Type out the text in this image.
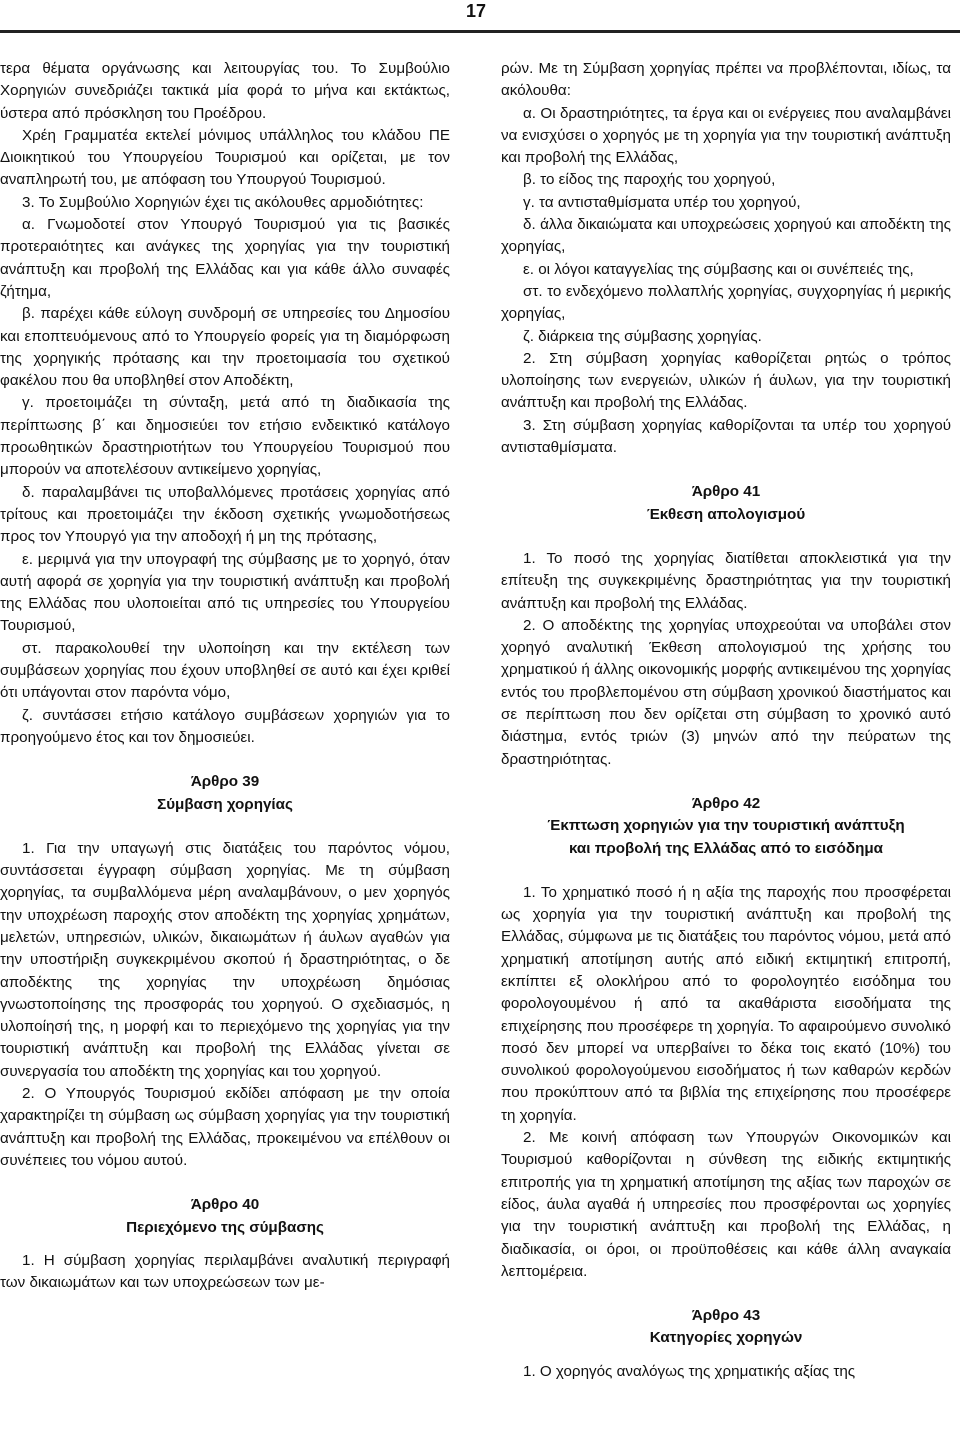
17

τερα θέματα οργάνωσης και λειτουργίας του. Το Συμβούλιο Χορηγιών συνεδριάζει τακτικά μία φορά το μήνα και εκτάκτως, ύστερα από πρόσκληση του Προέδρου.

Χρέη Γραμματέα εκτελεί μόνιμος υπάλληλος του κλάδου ΠΕ Διοικητικού του Υπουργείου Τουρισμού και ορίζεται, με τον αναπληρωτή του, με απόφαση του Υπουργού Τουρισμού.

3. Το Συμβούλιο Χορηγιών έχει τις ακόλουθες αρμοδιότητες:

α. Γνωμοδοτεί στον Υπουργό Τουρισμού για τις βασικές προτεραιότητες και ανάγκες της χορηγίας για την τουριστική ανάπτυξη και προβολή της Ελλάδας και για κάθε άλλο συναφές ζήτημα,

β. παρέχει κάθε εύλογη συνδρομή σε υπηρεσίες του Δημοσίου και εποπτευόμενους από το Υπουργείο φορείς για τη διαμόρφωση της χορηγικής πρότασης και την προετοιμασία του σχετικού φακέλου που θα υποβληθεί στον Αποδέκτη,

γ. προετοιμάζει τη σύνταξη, μετά από τη διαδικασία της περίπτωσης β΄ και δημοσιεύει τον ετήσιο ενδεικτικό κατάλογο προωθητικών δραστηριοτήτων του Υπουργείου Τουρισμού που μπορούν να αποτελέσουν αντικείμενο χορηγίας,

δ. παραλαμβάνει τις υποβαλλόμενες προτάσεις χορηγίας από τρίτους και προετοιμάζει την έκδοση σχετικής γνωμοδοτήσεως προς τον Υπουργό για την αποδοχή ή μη της πρότασης,

ε. μεριμνά για την υπογραφή της σύμβασης με το χορηγό, όταν αυτή αφορά σε χορηγία για την τουριστική ανάπτυξη και προβολή της Ελλάδας που υλοποιείται από τις υπηρεσίες του Υπουργείου Τουρισμού,

στ. παρακολουθεί την υλοποίηση και την εκτέλεση των συμβάσεων χορηγίας που έχουν υποβληθεί σε αυτό και έχει κριθεί ότι υπάγονται στον παρόντα νόμο,

ζ. συντάσσει ετήσιο κατάλογο συμβάσεων χορηγιών για το προηγούμενο έτος και τον δημοσιεύει.

Άρθρο 39
Σύμβαση χορηγίας

1. Για την υπαγωγή στις διατάξεις του παρόντος νόμου, συντάσσεται έγγραφη σύμβαση χορηγίας. Με τη σύμβαση χορηγίας, τα συμβαλλόμενα μέρη αναλαμβάνουν, ο μεν χορηγός την υποχρέωση παροχής στον αποδέκτη της χορηγίας χρημάτων, μελετών, υπηρεσιών, υλικών, δικαιωμάτων ή άυλων αγαθών για την υποστήριξη συγκεκριμένου σκοπού ή δραστηριότητας, ο δε αποδέκτης της χορηγίας την υποχρέωση δημόσιας γνωστοποίησης της προσφοράς του χορηγού. Ο σχεδιασμός, η υλοποίησή της, η μορφή και το περιεχόμενο της χορηγίας για την τουριστική ανάπτυξη και προβολή της Ελλάδας γίνεται σε συνεργασία του αποδέκτη της χορηγίας και του χορηγού.

2. Ο Υπουργός Τουρισμού εκδίδει απόφαση με την οποία χαρακτηρίζει τη σύμβαση ως σύμβαση χορηγίας για την τουριστική ανάπτυξη και προβολή της Ελλάδας, προκειμένου να επέλθουν οι συνέπειες του νόμου αυτού.

Άρθρο 40
Περιεχόμενο της σύμβασης

1. Η σύμβαση χορηγίας περιλαμβάνει αναλυτική περιγραφή των δικαιωμάτων και των υποχρεώσεων των με-

ρών. Με τη Σύμβαση χορηγίας πρέπει να προβλέπονται, ιδίως, τα ακόλουθα:

α. Οι δραστηριότητες, τα έργα και οι ενέργειες που αναλαμβάνει να ενισχύσει ο χορηγός με τη χορηγία για την τουριστική ανάπτυξη και προβολή της Ελλάδας,

β. το είδος της παροχής του χορηγού,

γ. τα αντισταθμίσματα υπέρ του χορηγού,

δ. άλλα δικαιώματα και υποχρεώσεις χορηγού και αποδέκτη της χορηγίας,

ε. οι λόγοι καταγγελίας της σύμβασης και οι συνέπειές της,

στ. το ενδεχόμενο πολλαπλής χορηγίας, συγχορηγίας ή μερικής χορηγίας,

ζ. διάρκεια της σύμβασης χορηγίας.

2. Στη σύμβαση χορηγίας καθορίζεται ρητώς ο τρόπος υλοποίησης των ενεργειών, υλικών ή άυλων, για την τουριστική ανάπτυξη και προβολή της Ελλάδας.

3. Στη σύμβαση χορηγίας καθορίζονται τα υπέρ του χορηγού αντισταθμίσματα.

Άρθρο 41
Έκθεση απολογισμού

1. Το ποσό της χορηγίας διατίθεται αποκλειστικά για την επίτευξη της συγκεκριμένης δραστηριότητας για την τουριστική ανάπτυξη και προβολή της Ελλάδας.

2. Ο αποδέκτης της χορηγίας υποχρεούται να υποβάλει στον χορηγό αναλυτική Έκθεση απολογισμού της χρήσης του χρηματικού ή άλλης οικονομικής μορφής αντικειμένου της χορηγίας εντός του προβλεπομένου στη σύμβαση χρονικού διαστήματος και σε περίπτωση που δεν ορίζεται στη σύμβαση το χρονικό αυτό διάστημα, εντός τριών (3) μηνών από την πεύρατων της δραστηριότητας.

Άρθρο 42
Έκπτωση χορηγιών για την τουριστική ανάπτυξη
και προβολή της Ελλάδας από το εισόδημα

1. Το χρηματικό ποσό ή η αξία της παροχής που προσφέρεται ως χορηγία για την τουριστική ανάπτυξη και προβολή της Ελλάδας, σύμφωνα με τις διατάξεις του παρόντος νόμου, μετά από χρηματική αποτίμηση αυτής από ειδική εκτιμητική επιτροπή, εκπίπτει εξ ολοκλήρου από το φορολογητέο εισόδημα του φορολογουμένου ή από τα ακαθάριστα εισοδήματα της επιχείρησης που προσέφερε τη χορηγία. Το αφαιρούμενο συνολικό ποσό δεν μπορεί να υπερβαίνει το δέκα τοις εκατό (10%) του συνολικού φορολογούμενου εισοδήματος ή των καθαρών κερδών που προκύπτουν από τα βιβλία της επιχείρησης που προσέφερε τη χορηγία.

2. Με κοινή απόφαση των Υπουργών Οικονομικών και Τουρισμού καθορίζονται η σύνθεση της ειδικής εκτιμητικής επιτροπής για τη χρηματική αποτίμηση της αξίας των παροχών σε είδος, άυλα αγαθά ή υπηρεσίες που προσφέρονται ως χορηγίες για την τουριστική ανάπτυξη και προβολή της Ελλάδας, η διαδικασία, οι όροι, οι προϋποθέσεις και κάθε άλλη αναγκαία λεπτομέρεια.

Άρθρο 43
Κατηγορίες χορηγών

1. Ο χορηγός αναλόγως της χρηματικής αξίας της
